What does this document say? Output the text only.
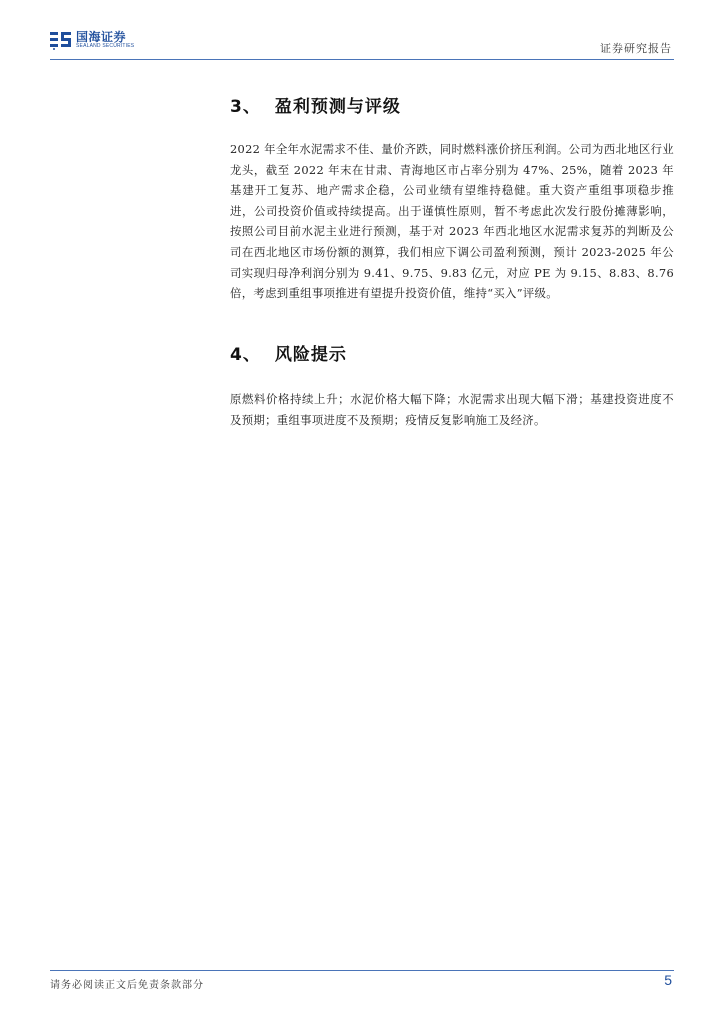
国海证券
SEALAND SECURITIES	证券研究报告
3、 盈利预测与评级

2022 年全年水泥需求不佳、量价齐跌，同时燃料涨价挤压利润。公司为西北地区行业龙头，截至 2022 年末在甘肃、青海地区市占率分别为 47%、25%，随着 2023 年基建开工复苏、地产需求企稳，公司业绩有望维持稳健。重大资产重组事项稳步推进，公司投资价值或持续提高。出于谨慎性原则，暂不考虑此次发行股份摊薄影响，按照公司目前水泥主业进行预测，基于对 2023 年西北地区水泥需求复苏的判断及公司在西北地区市场份额的测算，我们相应下调公司盈利预测，预计 2023-2025 年公司实现归母净利润分别为 9.41、9.75、9.83 亿元，对应 PE 为 9.15、8.83、8.76 倍，考虑到重组事项推进有望提升投资价值，维持“买入”评级。

4、 风险提示

原燃料价格持续上升；水泥价格大幅下降；水泥需求出现大幅下滑；基建投资进度不及预期；重组事项进度不及预期；疫情反复影响施工及经济。

请务必阅读正文后免责条款部分	5
